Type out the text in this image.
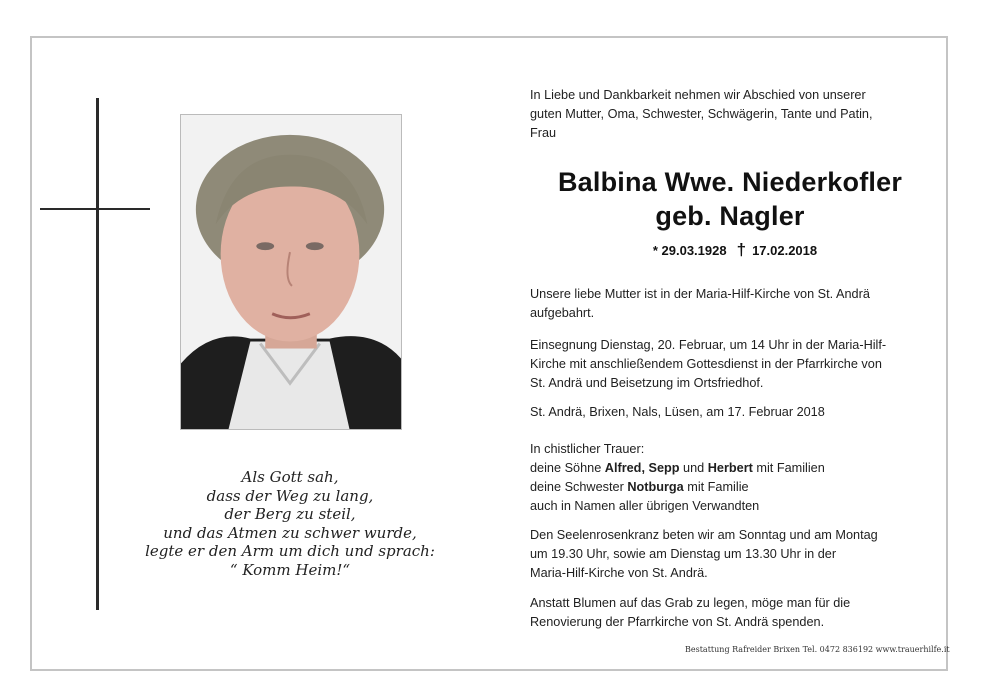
Als Gott sah,
dass der Weg zu lang,
der Berg zu steil,
und das Atmen zu schwer wurde,
legte er den Arm um dich und sprach:
“ Komm Heim!“

In Liebe und Dankbarkeit nehmen wir Abschied von unserer

guten Mutter, Oma, Schwester, Schwägerin, Tante und Patin,

Frau

Balbina Wwe. Niederkofler
geb. Nagler
* 29.03.1928 † 17.02.2018
Unsere liebe Mutter ist in der Maria-Hilf-Kirche von St. Andrä
aufgebahrt.
Einsegnung Dienstag, 20. Februar, um 14 Uhr in der Maria-Hilf-
Kirche mit anschließendem Gottesdienst in der Pfarrkirche von
St. Andrä und Beisetzung im Ortsfriedhof.
St. Andrä, Brixen, Nals, Lüsen, am 17. Februar 2018
In chistlicher Trauer:
deine Söhne Alfred, Sepp und Herbert mit Familien
deine Schwester Notburga mit Familie
auch in Namen aller übrigen Verwandten
Den Seelenrosenkranz beten wir am Sonntag und am Montag
um 19.30 Uhr, sowie am Dienstag um 13.30 Uhr in der
Maria-Hilf-Kirche von St. Andrä.
Anstatt Blumen auf das Grab zu legen, möge man für die
Renovierung der Pfarrkirche von St. Andrä spenden.
Bestattung Rafreider Brixen Tel. 0472 836192 www.trauerhilfe.it
